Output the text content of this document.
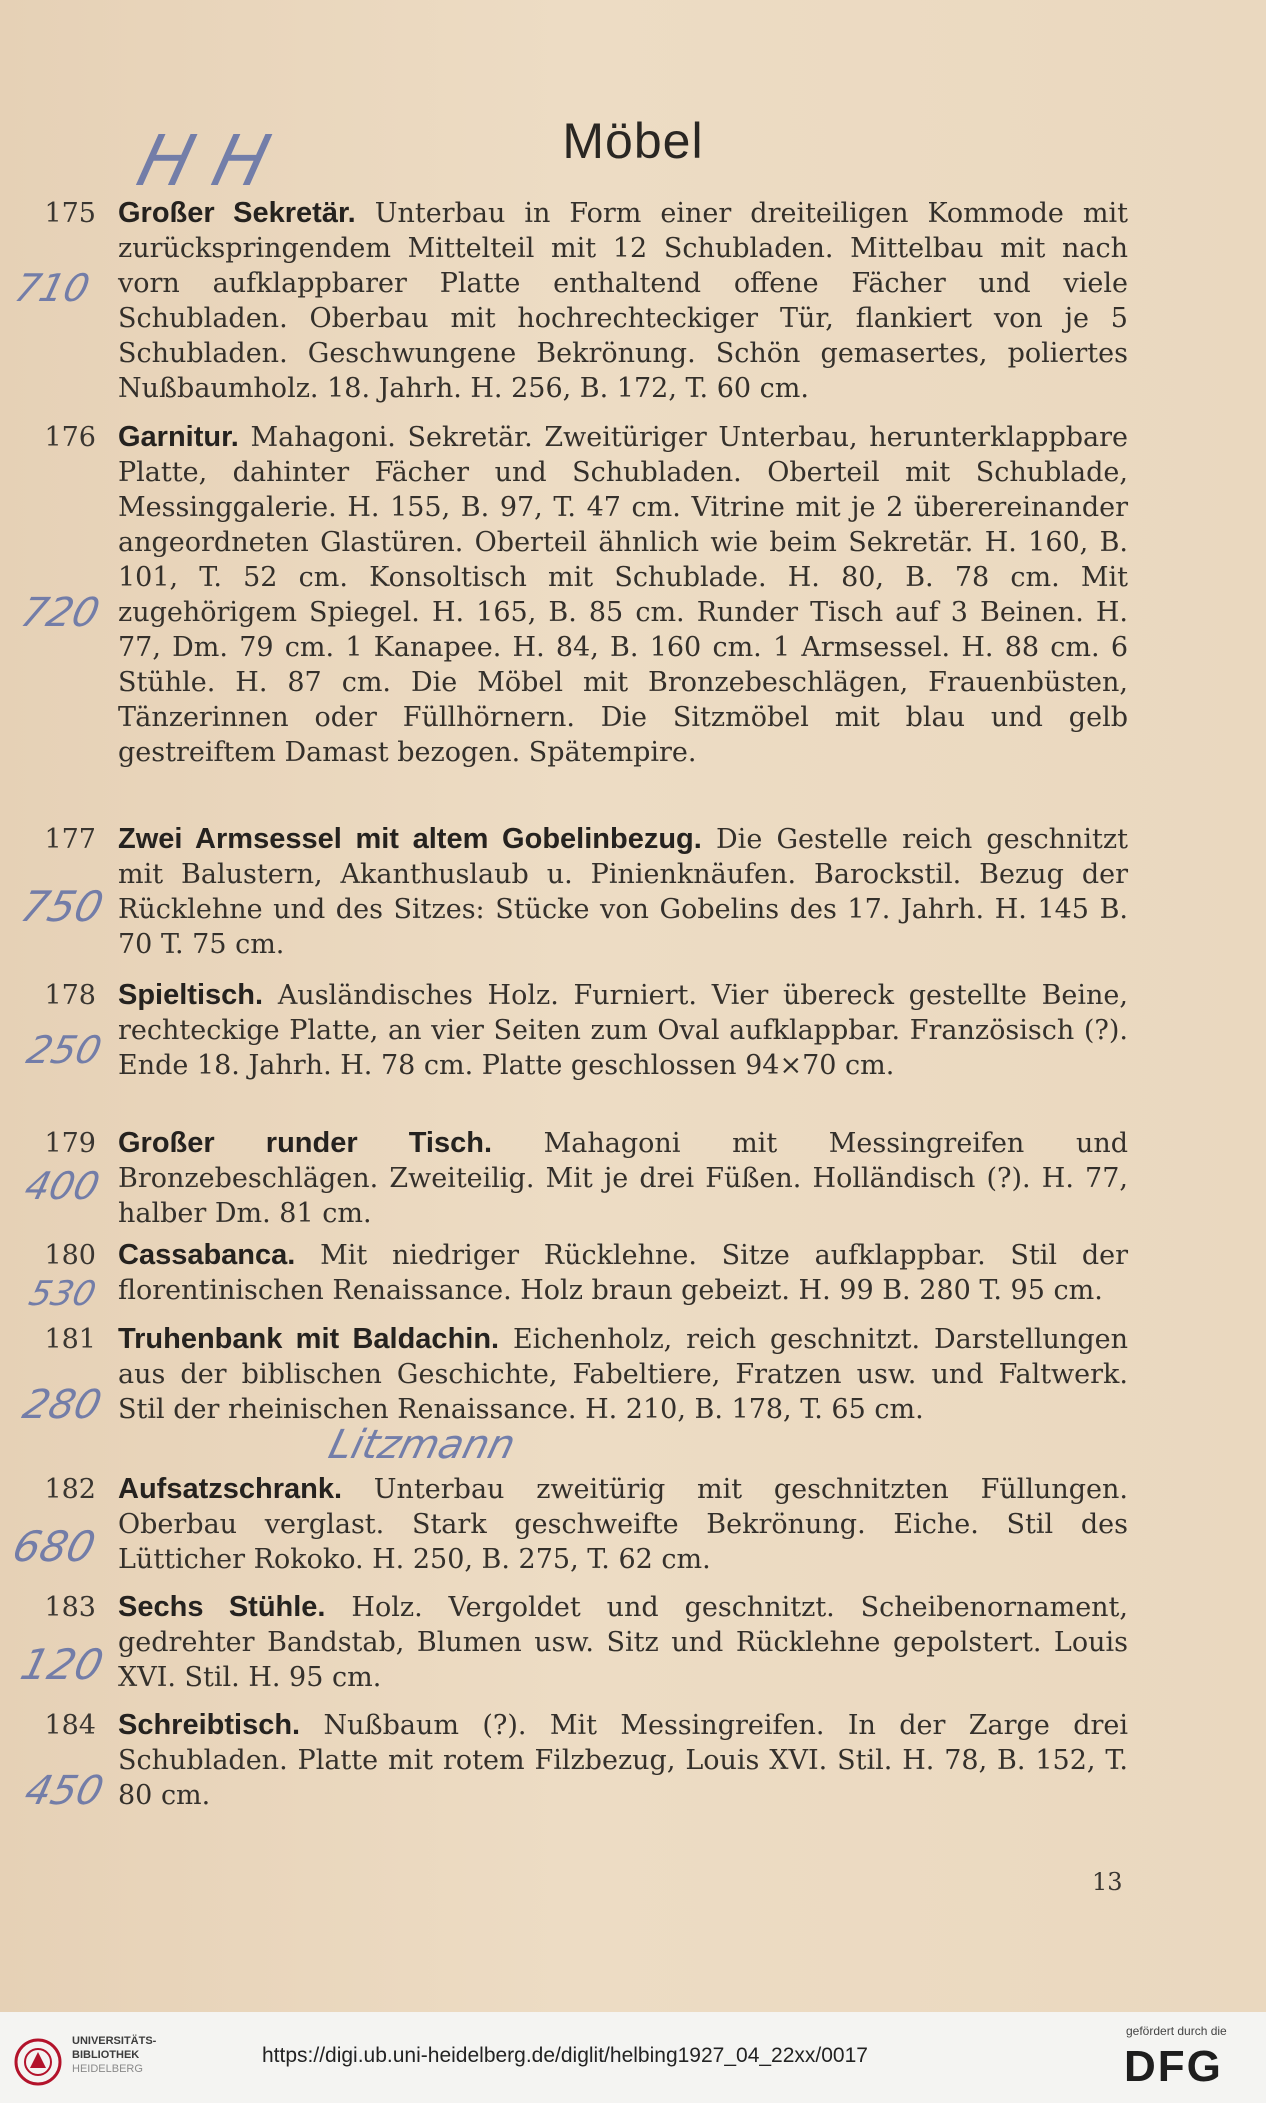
H H	Möbel
175 Großer Sekretär. Unterbau in Form einer dreiteiligen Kommode mit zurückspringendem Mittelteil mit 12 Schubladen. Mittelbau mit nach vorn aufklappbarer Platte enthaltend offene Fächer und viele Schubladen. Oberbau mit hochrechteckiger Tür, flankiert von je 5 Schubladen. Geschwungene Bekrönung. Schön gemasertes, poliertes Nußbaumholz. 18. Jahrh. H. 256, B. 172, T. 60 cm.
710
176 Garnitur. Mahagoni. Sekretär. Zweitüriger Unterbau, herunterklappbare Platte, dahinter Fächer und Schubladen. Oberteil mit Schublade, Messinggalerie. H. 155, B. 97, T. 47 cm. Vitrine mit je 2 überereinander angeordneten Glastüren. Oberteil ähnlich wie beim Sekretär. H. 160, B. 101, T. 52 cm. Konsoltisch mit Schublade. H. 80, B. 78 cm. Mit zugehörigem Spiegel. H. 165, B. 85 cm. Runder Tisch auf 3 Beinen. H. 77, Dm. 79 cm. 1 Kanapee. H. 84, B. 160 cm. 1 Armsessel. H. 88 cm. 6 Stühle. H. 87 cm. Die Möbel mit Bronzebeschlägen, Frauenbüsten, Tänzerinnen oder Füllhörnern. Die Sitzmöbel mit blau und gelb gestreiftem Damast bezogen. Spätempire.
720
177 Zwei Armsessel mit altem Gobelinbezug. Die Gestelle reich geschnitzt mit Balustern, Akanthuslaub u. Pinienknäufen. Barockstil. Bezug der Rücklehne und des Sitzes: Stücke von Gobelins des 17. Jahrh. H. 145 B. 70 T. 75 cm.
750
178 Spieltisch. Ausländisches Holz. Furniert. Vier übereck gestellte Beine, rechteckige Platte, an vier Seiten zum Oval aufklappbar. Französisch (?). Ende 18. Jahrh. H. 78 cm. Platte geschlossen 94×70 cm.
250
179 Großer runder Tisch. Mahagoni mit Messingreifen und Bronzebeschlägen. Zweiteilig. Mit je drei Füßen. Holländisch (?). H. 77, halber Dm. 81 cm.
400
180 Cassabanca. Mit niedriger Rücklehne. Sitze aufklappbar. Stil der florentinischen Renaissance. Holz braun gebeizt. H. 99 B. 280 T. 95 cm.
530
181 Truhenbank mit Baldachin. Eichenholz, reich geschnitzt. Darstellungen aus der biblischen Geschichte, Fabeltiere, Fratzen usw. und Faltwerk. Stil der rheinischen Renaissance. H. 210, B. 178, T. 65 cm.
280
Litzmann
182 Aufsatzschrank. Unterbau zweitürig mit geschnitzten Füllungen. Oberbau verglast. Stark geschweifte Bekrönung. Eiche. Stil des Lütticher Rokoko. H. 250, B. 275, T. 62 cm.
680
183 Sechs Stühle. Holz. Vergoldet und geschnitzt. Scheibenornament, gedrehter Bandstab, Blumen usw. Sitz und Rücklehne gepolstert. Louis XVI. Stil. H. 95 cm.
120
184 Schreibtisch. Nußbaum (?). Mit Messingreifen. In der Zarge drei Schubladen. Platte mit rotem Filzbezug, Louis XVI. Stil. H. 78, B. 152, T. 80 cm.
450
13
UNIVERSITÄTS-
BIBLIOTHEK
HEIDELBERG
https://digi.ub.uni-heidelberg.de/diglit/helbing1927_04_22xx/0017
gefördert durch die
DFG
